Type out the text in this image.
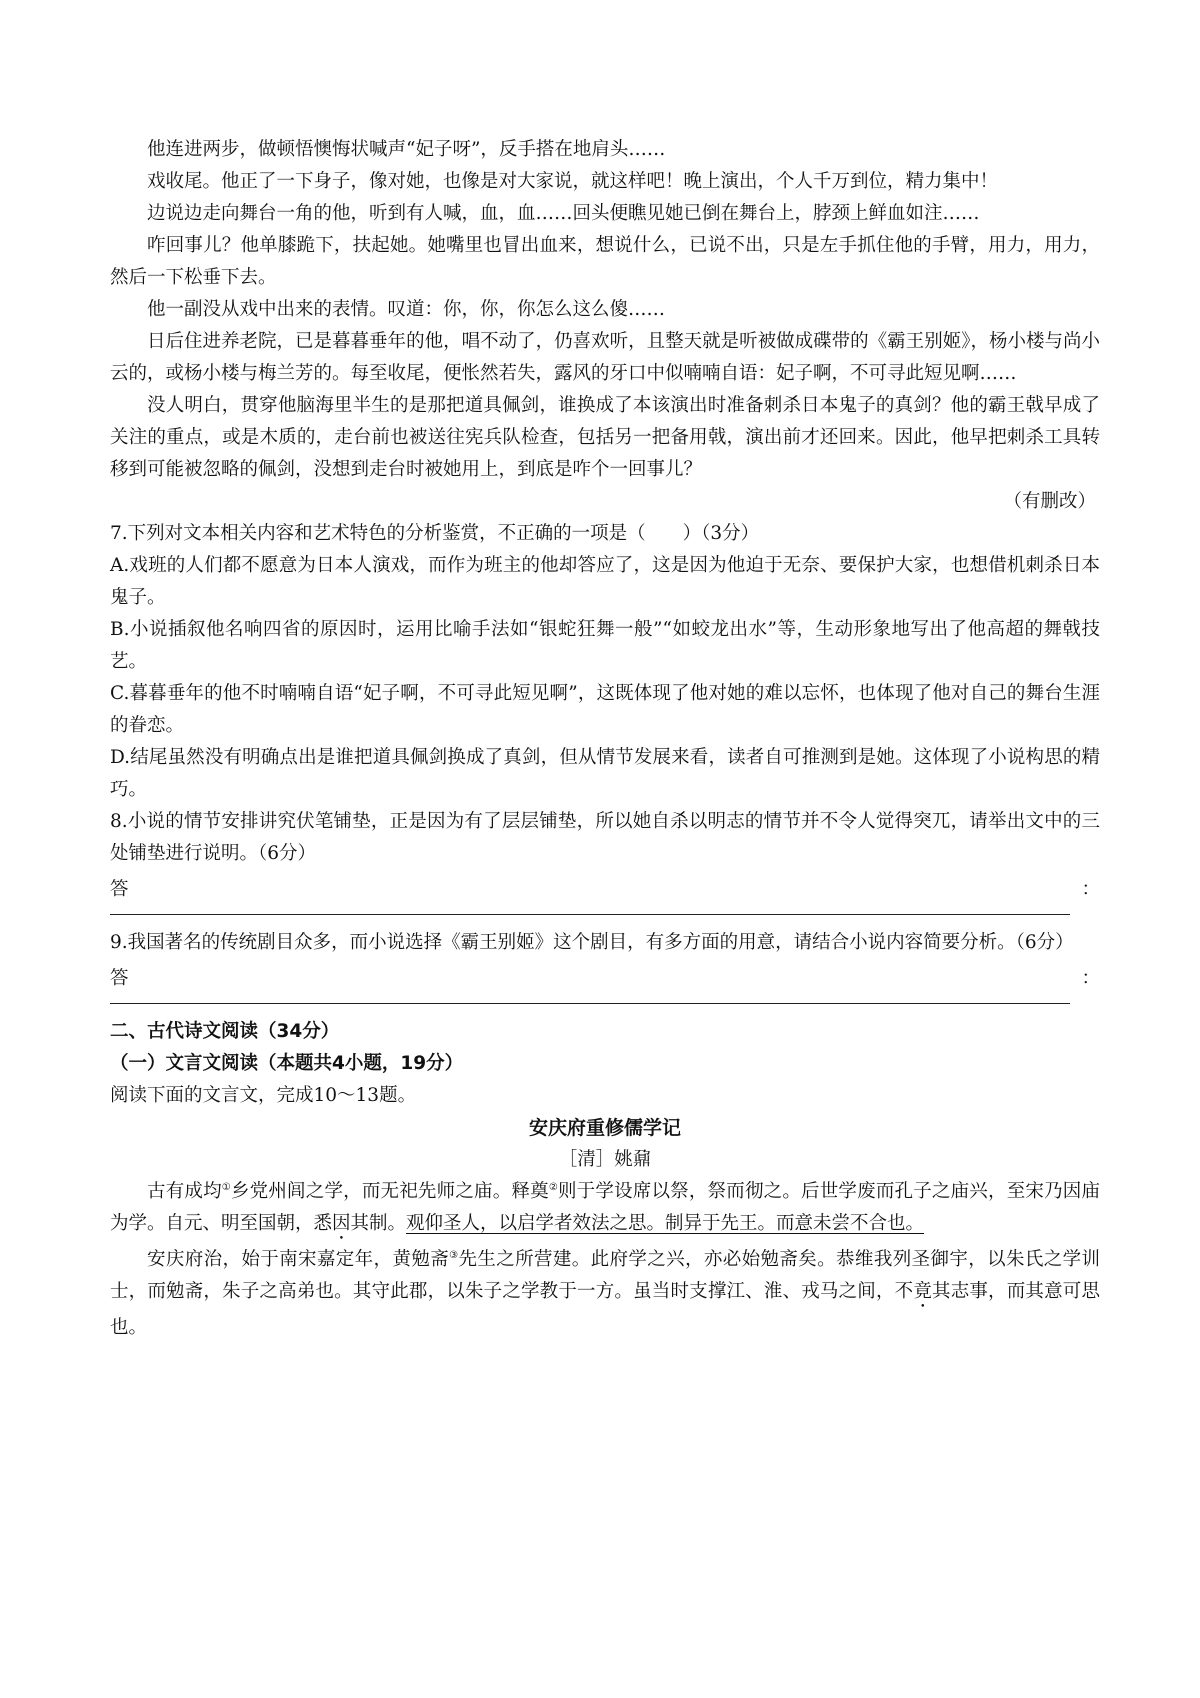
他连进两步，做顿悟懊悔状喊声“妃子呀”，反手搭在地肩头……

戏收尾。他正了一下身子，像对她，也像是对大家说，就这样吧！晚上演出，个人千万到位，精力集中！

边说边走向舞台一角的他，听到有人喊，血，血……回头便瞧见她已倒在舞台上，脖颈上鲜血如注……

咋回事儿？他单膝跪下，扶起她。她嘴里也冒出血来，想说什么，已说不出，只是左手抓住他的手臂，用力，用力，然后一下松垂下去。

他一副没从戏中出来的表情。叹道：你，你，你怎么这么傻……

日后住进养老院，已是暮暮垂年的他，唱不动了，仍喜欢听，且整天就是听被做成碟带的《霸王别姬》，杨小楼与尚小云的，或杨小楼与梅兰芳的。每至收尾，便怅然若失，露风的牙口中似喃喃自语：妃子啊，不可寻此短见啊……

没人明白，贯穿他脑海里半生的是那把道具佩剑，谁换成了本该演出时准备刺杀日本鬼子的真剑？他的霸王戟早成了关注的重点，或是木质的，走台前也被送往宪兵队检查，包括另一把备用戟，演出前才还回来。因此，他早把刺杀工具转移到可能被忽略的佩剑，没想到走台时被她用上，到底是咋个一回事儿？

（有删改）

7.下列对文本相关内容和艺术特色的分析鉴赏，不正确的一项是（　　）（3分）

A.戏班的人们都不愿意为日本人演戏，而作为班主的他却答应了，这是因为他迫于无奈、要保护大家，也想借机刺杀日本鬼子。

B.小说插叙他名响四省的原因时，运用比喻手法如“银蛇狂舞一般”“如蛟龙出水”等，生动形象地写出了他高超的舞戟技艺。

C.暮暮垂年的他不时喃喃自语“妃子啊，不可寻此短见啊”，这既体现了他对她的难以忘怀，也体现了他对自己的舞台生涯的眷恋。

D.结尾虽然没有明确点出是谁把道具佩剑换成了真剑，但从情节发展来看，读者自可推测到是她。这体现了小说构思的精巧。

8.小说的情节安排讲究伏笔铺垫，正是因为有了层层铺垫，所以她自杀以明志的情节并不令人觉得突兀，请举出文中的三处铺垫进行说明。（6分）

答	：

9.我国著名的传统剧目众多，而小说选择《霸王别姬》这个剧目，有多方面的用意，请结合小说内容简要分析。（6分）

答	：

二、古代诗文阅读（34分）

（一）文言文阅读（本题共4小题，19分）

阅读下面的文言文，完成10～13题。

安庆府重修儒学记

［清］姚鼐

古有成均①乡党州闾之学，而无祀先师之庙。释奠②则于学设席以祭，祭而彻之。后世学废而孔子之庙兴，至宋乃因庙为学。自元、明至国朝，悉因其制。观仰圣人，以启学者效法之思。制异于先王。而意未尝不合也。

安庆府治，始于南宋嘉定年，黄勉斋③先生之所营建。此府学之兴，亦必始勉斋矣。恭维我列圣御宇，以朱氏之学训士，而勉斋，朱子之高弟也。其守此郡，以朱子之学教于一方。虽当时支撑江、淮、戎马之间，不竟其志事，而其意可思也。
